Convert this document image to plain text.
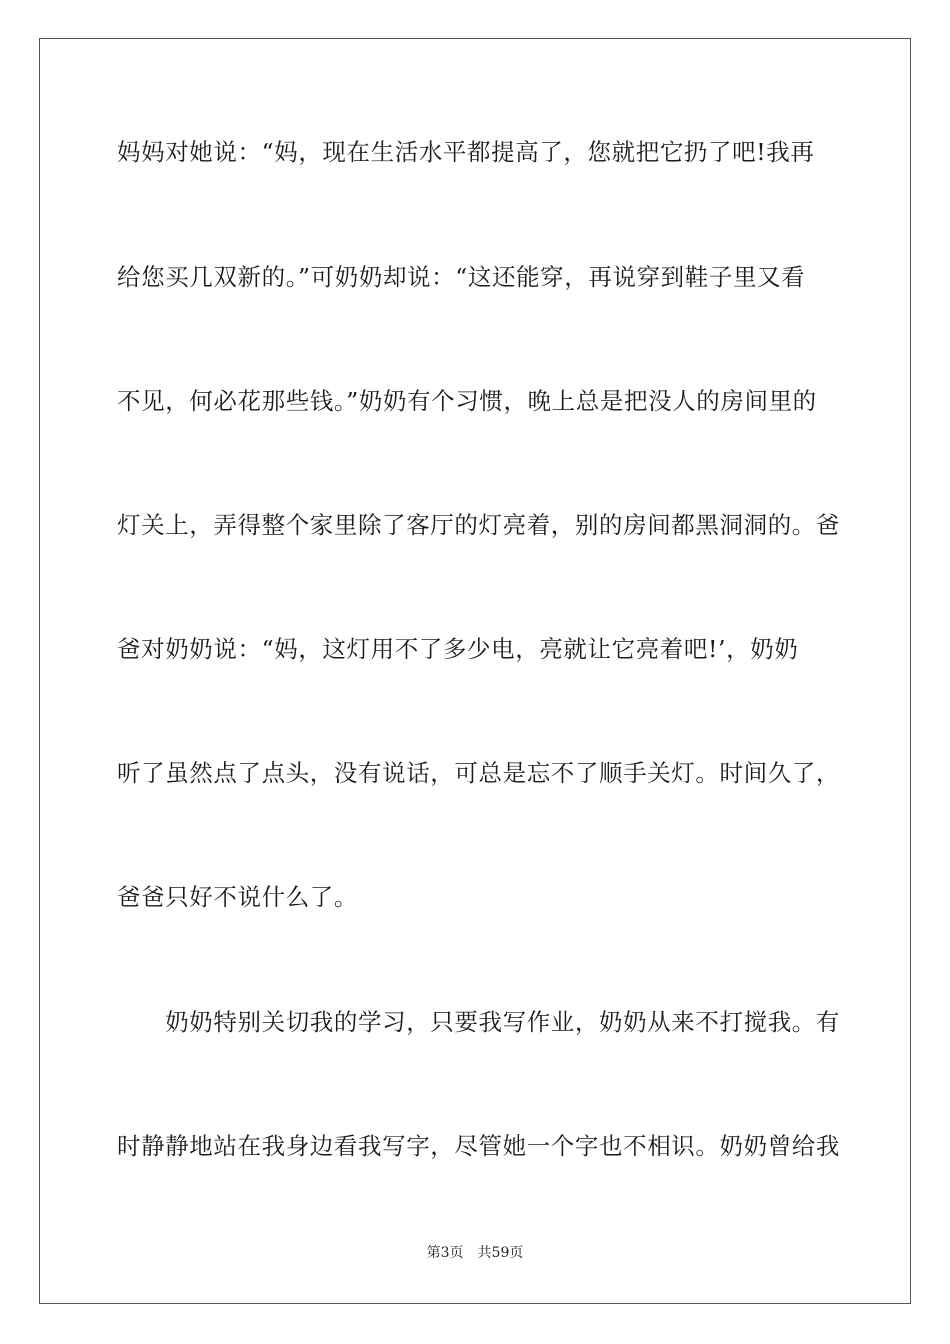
妈妈对她说：“妈，现在生活水平都提高了，您就把它扔了吧!我再
给您买几双新的。”可奶奶却说：“这还能穿，再说穿到鞋子里又看
不见，何必花那些钱。”奶奶有个习惯，晚上总是把没人的房间里的
灯关上，弄得整个家里除了客厅的灯亮着，别的房间都黑洞洞的。爸
爸对奶奶说：“妈，这灯用不了多少电，亮就让它亮着吧!’，奶奶
听了虽然点了点头，没有说话，可总是忘不了顺手关灯。时间久了，
爸爸只好不说什么了。
　　奶奶特别关切我的学习，只要我写作业，奶奶从来不打搅我。有
时静静地站在我身边看我写字，尽管她一个字也不相识。奶奶曾给我
第3页 共59页
